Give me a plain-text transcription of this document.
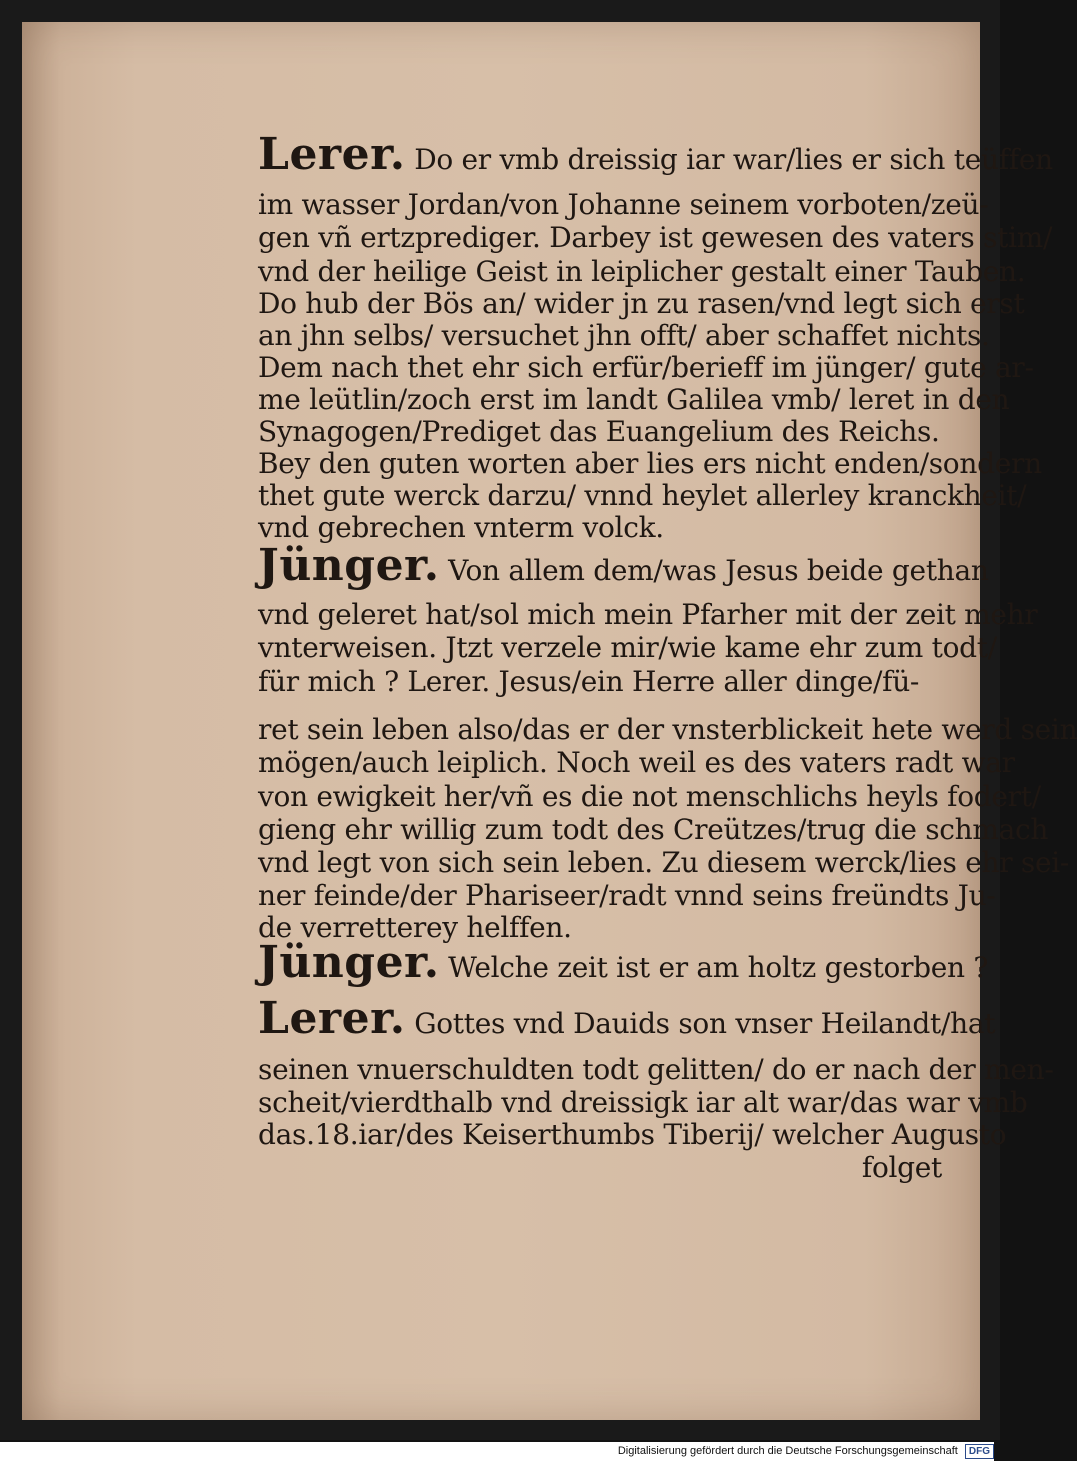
Lerer. Do er vmb dreissig iar war/lies er sich teüffen
im wasser Jordan/von Johanne seinem vorboten/zeü-
gen vñ ertzprediger. Darbey ist gewesen des vaters stim/
vnd der heilige Geist in leiplicher gestalt einer Tauben.
Do hub der Bös an/ wider jn zu rasen/vnd legt sich erst
an jhn selbs/ versuchet jhn offt/ aber schaffet nichts.
Dem nach thet ehr sich erfür/berieff im jünger/ gute ar-
me leütlin/zoch erst im landt Galilea vmb/ leret in den
Synagogen/Prediget das Euangelium des Reichs.
Bey den guten worten aber lies ers nicht enden/sondern
thet gute werck darzu/ vnnd heylet allerley kranckheit/
vnd gebrechen vnterm volck.
Jünger. Von allem dem/was Jesus beide gethan
vnd geleret hat/sol mich mein Pfarher mit der zeit mehr
vnterweisen. Jtzt verzele mir/wie kame ehr zum todt/
für mich ? Lerer. Jesus/ein Herre aller dinge/fü-
ret sein leben also/das er der vnsterblickeit hete werd sein
mögen/auch leiplich. Noch weil es des vaters radt war
von ewigkeit her/vñ es die not menschlichs heyls fodert/
gieng ehr willig zum todt des Creützes/trug die schmach
vnd legt von sich sein leben. Zu diesem werck/lies ehr sei-
ner feinde/der Phariseer/radt vnnd seins freündts Ju-
de verretterey helffen.
Jünger. Welche zeit ist er am holtz gestorben ?
Lerer. Gottes vnd Dauids son vnser Heilandt/hat
seinen vnuerschuldten todt gelitten/ do er nach der men-
scheit/vierdthalb vnd dreissigk iar alt war/das war vmb
das.18.iar/des Keiserthumbs Tiberij/ welcher Augusto
folget
Digitalisierung gefördert durch die Deutsche Forschungsgemeinschaft DFG
